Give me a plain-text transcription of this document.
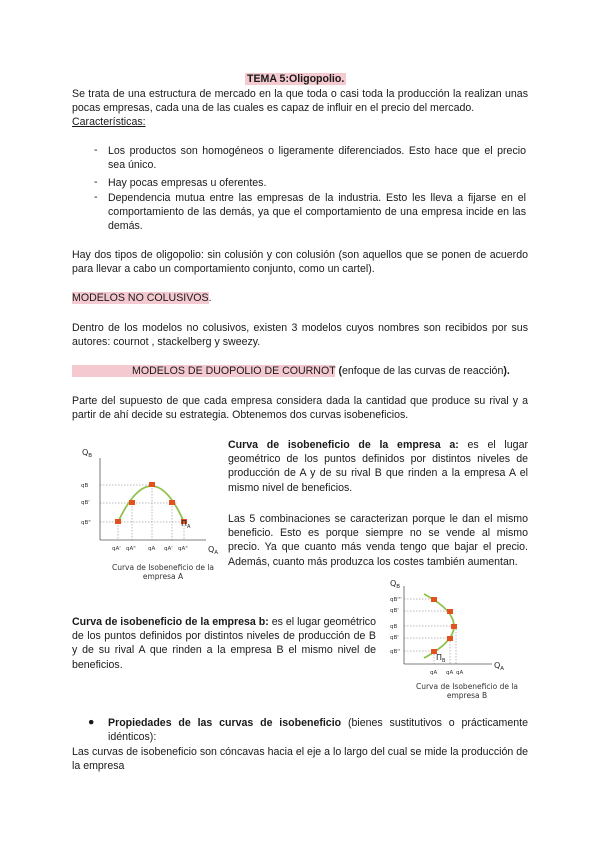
TEMA 5:Oligopolio.
Se trata de una estructura de mercado en la que toda o casi toda la producción la realizan unas pocas empresas, cada una de las cuales es capaz de influir en el precio del mercado.
Características:
- Los productos son homogéneos o ligeramente diferenciados. Esto hace que el precio sea único.
- Hay pocas empresas u oferentes.
- Dependencia mutua entre las empresas de la industria. Esto les lleva a fijarse en el comportamiento de las demás, ya que el comportamiento de una empresa incide en las demás.
Hay dos tipos de oligopolio: sin colusión y con colusión (son aquellos que se ponen de acuerdo para llevar a cabo un comportamiento conjunto, como un cartel).
MODELOS NO COLUSIVOS.
Dentro de los modelos no colusivos, existen 3 modelos cuyos nombres son recibidos por sus autores: cournot , stackelberg y sweezy.
MODELOS DE DUOPOLIO DE COURNOT (enfoque de las curvas de reacción).
Parte del supuesto de que cada empresa considera dada la cantidad que produce su rival y a partir de ahí decide su estrategia. Obtenemos dos curvas isobeneficios.
Curva de isobeneficio de la empresa a: es el lugar geométrico de los puntos definidos por distintos niveles de producción de A y de su rival B que rinden a la empresa A el mismo nivel de beneficios.
Las 5 combinaciones se caracterizan porque le dan el mismo beneficio. Esto es porque siempre no se vende al mismo precio. Ya que cuanto más venda tengo que bajar el precio. Además, cuanto más produzca los costes también aumentan.
$Q_B$
$Q_A$
qB
qB'
qB"	$\Pi_A$
qA' qA" qA qA' qA"
Curva de Isobeneficio de la empresa A
Curva de isobeneficio de la empresa b: es el lugar geométrico de los puntos definidos por distintos niveles de producción de B y de su rival A que rinden a la empresa B el mismo nivel de beneficios.
$Q_B$
$Q_A$
qB'''
qB'
qB
qB'
qB''
$\Pi_B$
qA qA qA
Curva de Isobeneficio de la empresa B
● Propiedades de las curvas de isobeneficio (bienes sustitutivos o prácticamente idénticos):
Las curvas de isobeneficio son cóncavas hacia el eje a lo largo del cual se mide la producción de la empresa
